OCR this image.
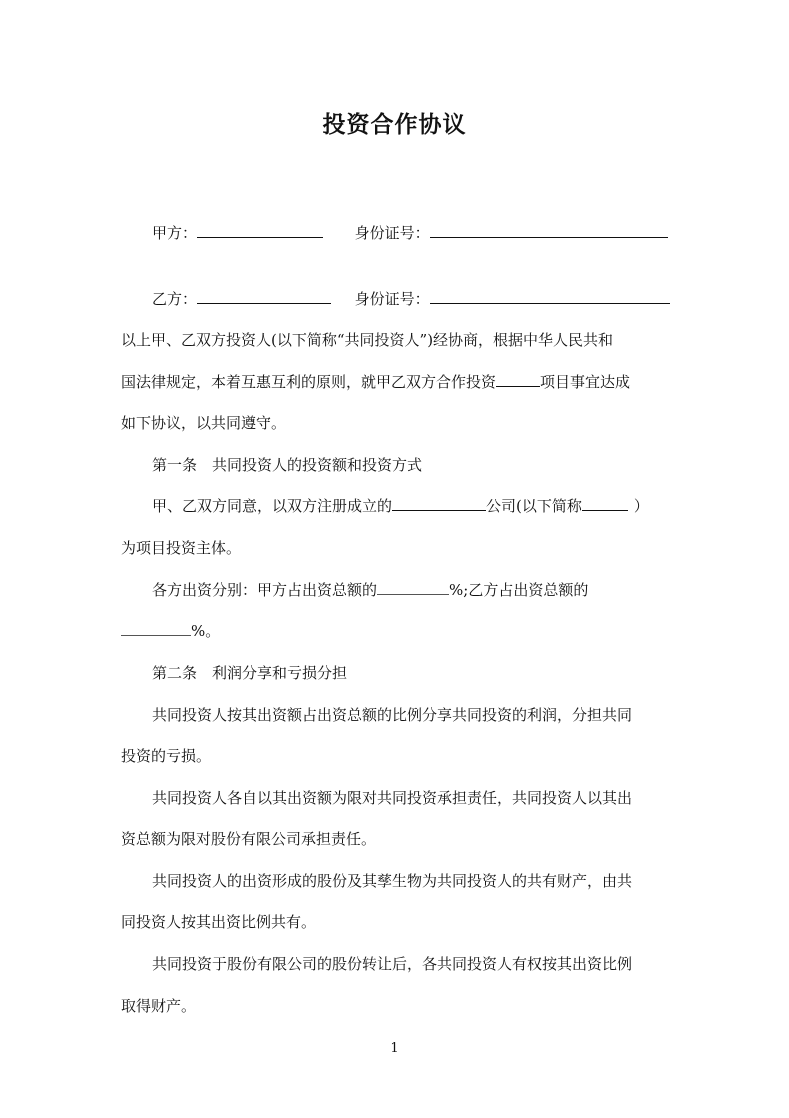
投资合作协议
甲方：	身份证号：
乙方：	身份证号：
以上甲、乙双方投资人(以下简称“共同投资人”)经协商，根据中华人民共和
国法律规定，本着互惠互利的原则，就甲乙双方合作投资	项目事宜达成
如下协议，以共同遵守。
第一条　共同投资人的投资额和投资方式
甲、乙双方同意，以双方注册成立的	公司(以下简称	）
为项目投资主体。
各方出资分别：甲方占出资总额的	%;乙方占出资总额的
%。
第二条　利润分享和亏损分担
共同投资人按其出资额占出资总额的比例分享共同投资的利润，分担共同
投资的亏损。
共同投资人各自以其出资额为限对共同投资承担责任，共同投资人以其出
资总额为限对股份有限公司承担责任。
共同投资人的出资形成的股份及其孳生物为共同投资人的共有财产，由共
同投资人按其出资比例共有。
共同投资于股份有限公司的股份转让后，各共同投资人有权按其出资比例
取得财产。
1
